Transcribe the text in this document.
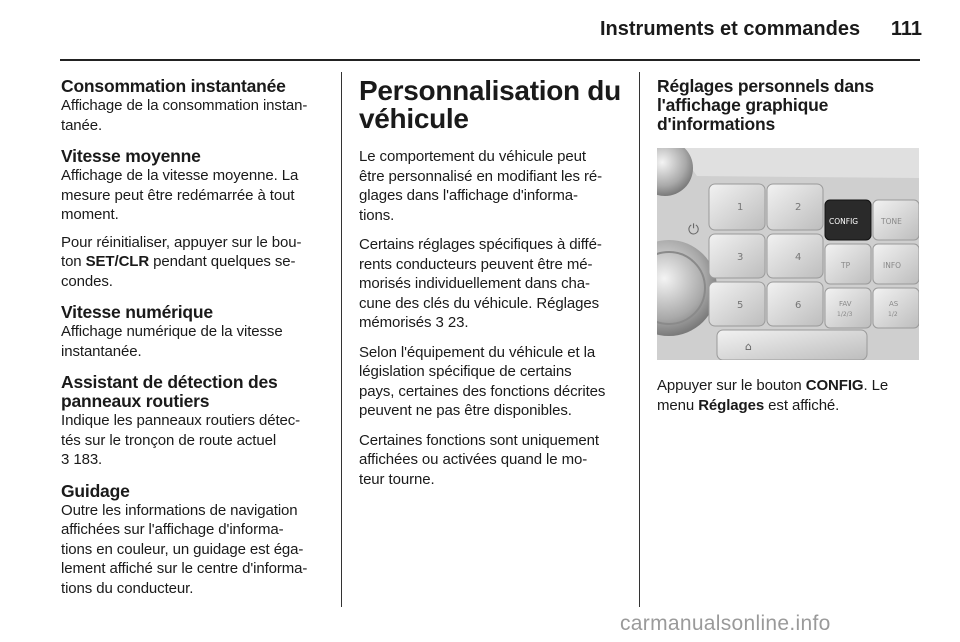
Instruments et commandes	111
Consommation instantanée

Affichage de la consommation instan-
tanée.

Vitesse moyenne

Affichage de la vitesse moyenne. La
mesure peut être redémarrée à tout
moment.

Pour réinitialiser, appuyer sur le bou-
ton SET/CLR pendant quelques se-
condes.

Vitesse numérique

Affichage numérique de la vitesse
instantanée.

Assistant de détection des
panneaux routiers

Indique les panneaux routiers détec-
tés sur le tronçon de route actuel
3 183.

Guidage

Outre les informations de navigation
affichées sur l'affichage d'informa-
tions en couleur, un guidage est éga-
lement affiché sur le centre d'informa-
tions du conducteur.

Personnalisation du
véhicule

Le comportement du véhicule peut
être personnalisé en modifiant les ré-
glages dans l'affichage d'informa-
tions.

Certains réglages spécifiques à diffé-
rents conducteurs peuvent être mé-
morisés individuellement dans cha-
cune des clés du véhicule. Réglages
mémorisés 3 23.

Selon l'équipement du véhicule et la
législation spécifique de certains
pays, certaines des fonctions décrites
peuvent ne pas être disponibles.

Certaines fonctions sont uniquement
affichées ou activées quand le mo-
teur tourne.

Réglages personnels dans
l'affichage graphique
d'informations
⏻
1	2
3	4
5	6
⌂
CONFIG	TONE
TP	INFO
FAV
1/2/3
AS
1/2

Appuyer sur le bouton CONFIG. Le
menu Réglages est affiché.

carmanualsonline.info
